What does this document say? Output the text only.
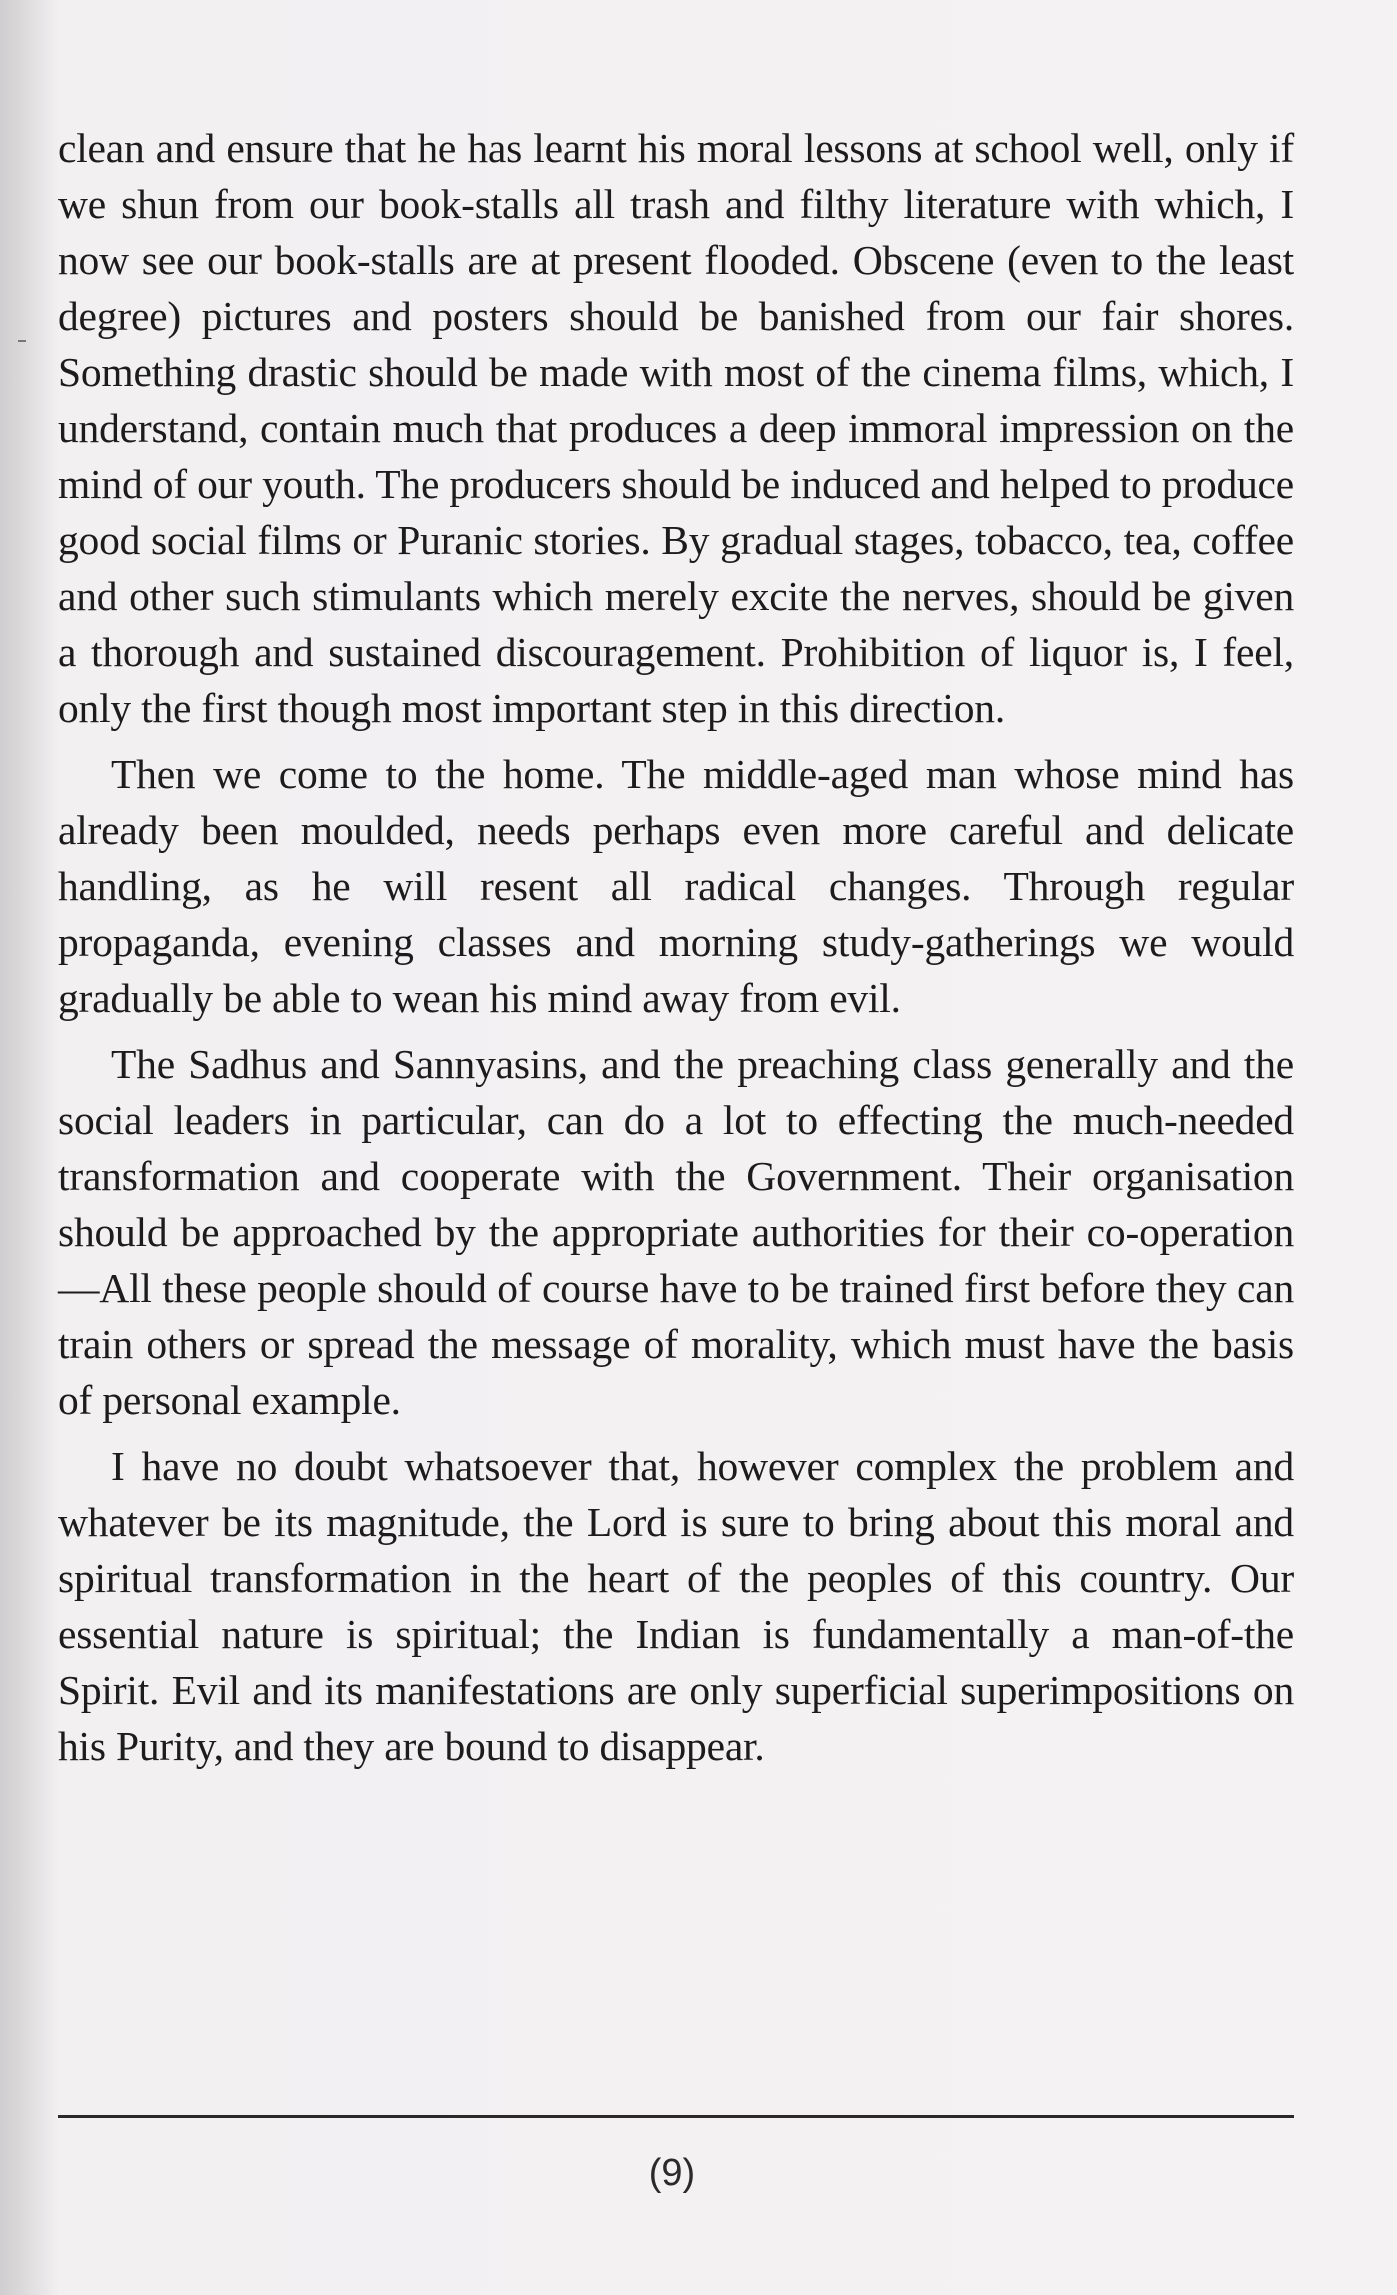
clean and ensure that he has learnt his moral lessons at school well, only if we shun from our book-stalls all trash and filthy literature with which, I now see our book-stalls are at present flooded. Obscene (even to the least degree) pictures and posters should be banished from our fair shores. Something drastic should be made with most of the cinema films, which, I understand, contain much that produces a deep immoral impression on the mind of our youth. The producers should be induced and helped to produce good social films or Puranic stories. By gradual stages, tobacco, tea, coffee and other such stimulants which merely excite the nerves, should be given a thorough and sustained discouragement. Prohibition of liquor is, I feel, only the first though most important step in this direction.

Then we come to the home. The middle-aged man whose mind has already been moulded, needs perhaps even more careful and delicate handling, as he will resent all radical changes. Through regular propaganda, evening classes and morning study-gatherings we would gradually be able to wean his mind away from evil.

The Sadhus and Sannyasins, and the preaching class generally and the social leaders in particular, can do a lot to effecting the much-needed transformation and cooperate with the Government. Their organisation should be approached by the appropriate authorities for their co-operation—All these people should of course have to be trained first before they can train others or spread the message of morality, which must have the basis of personal example.

I have no doubt whatsoever that, however complex the problem and whatever be its magnitude, the Lord is sure to bring about this moral and spiritual transformation in the heart of the peoples of this country. Our essential nature is spiritual; the Indian is fundamentally a man-of-the Spirit. Evil and its manifestations are only superficial superimpositions on his Purity, and they are bound to disappear.

(9)
